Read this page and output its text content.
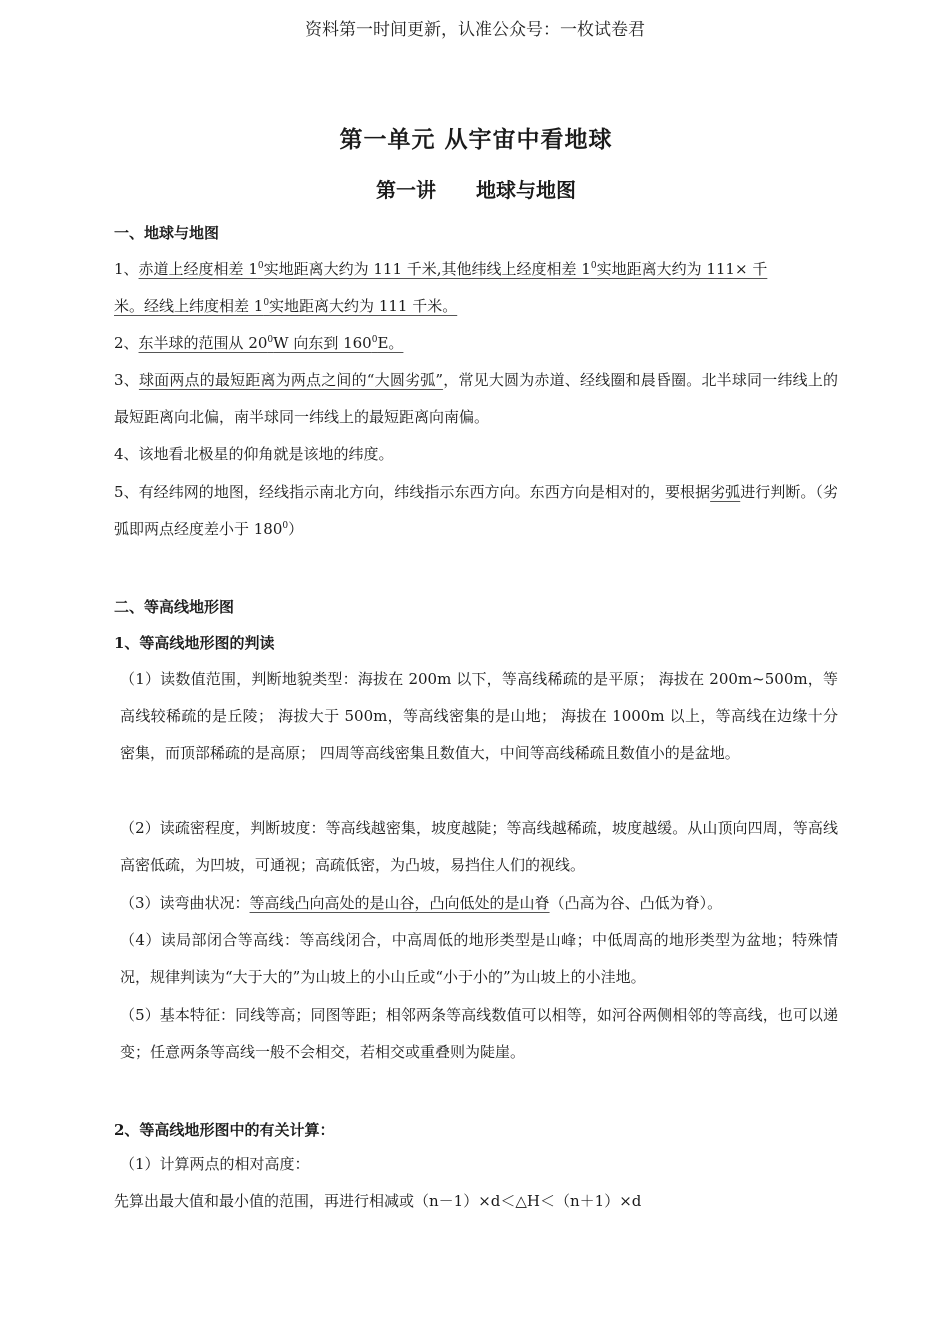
资料第一时间更新，认准公众号：一枚试卷君
第一单元 从宇宙中看地球
第一讲 地球与地图
一、地球与地图
1、赤道上经度相差 $1^0$实地距离大约为 111 千米,其他纬线上经度相差 $1^0$实地距离大约为 111× 千
米。经线上纬度相差 $1^0$实地距离大约为 111 千米。
2、东半球的范围从 $20^0W$ 向东到 $160^0E$。
3、球面两点的最短距离为两点之间的“大圆劣弧”，常见大圆为赤道、经线圈和晨昏圈。北半球同一纬线上的最短距离向北偏，南半球同一纬线上的最短距离向南偏。
4、该地看北极星的仰角就是该地的纬度。
5、有经纬网的地图，经线指示南北方向，纬线指示东西方向。东西方向是相对的，要根据劣弧进行判断。（劣弧即两点经度差小于 $180^0$）
二、等高线地形图
1、等高线地形图的判读
（1）读数值范围，判断地貌类型：海拔在 200m 以下，等高线稀疏的是平原； 海拔在 200m~500m，等高线较稀疏的是丘陵； 海拔大于 500m，等高线密集的是山地； 海拔在 1000m 以上，等高线在边缘十分密集，而顶部稀疏的是高原； 四周等高线密集且数值大，中间等高线稀疏且数值小的是盆地。
（2）读疏密程度，判断坡度：等高线越密集，坡度越陡；等高线越稀疏，坡度越缓。从山顶向四周，等高线高密低疏，为凹坡，可通视；高疏低密，为凸坡，易挡住人们的视线。
（3）读弯曲状况：等高线凸向高处的是山谷，凸向低处的是山脊（凸高为谷、凸低为脊）。
（4）读局部闭合等高线：等高线闭合，中高周低的地形类型是山峰；中低周高的地形类型为盆地；特殊情况，规律判读为“大于大的”为山坡上的小山丘或“小于小的”为山坡上的小洼地。
（5）基本特征：同线等高；同图等距；相邻两条等高线数值可以相等，如河谷两侧相邻的等高线，也可以递变；任意两条等高线一般不会相交，若相交或重叠则为陡崖。
2、等高线地形图中的有关计算：
（1）计算两点的相对高度：
先算出最大值和最小值的范围，再进行相减或（n－1）×d＜△H＜（n＋1）×d
